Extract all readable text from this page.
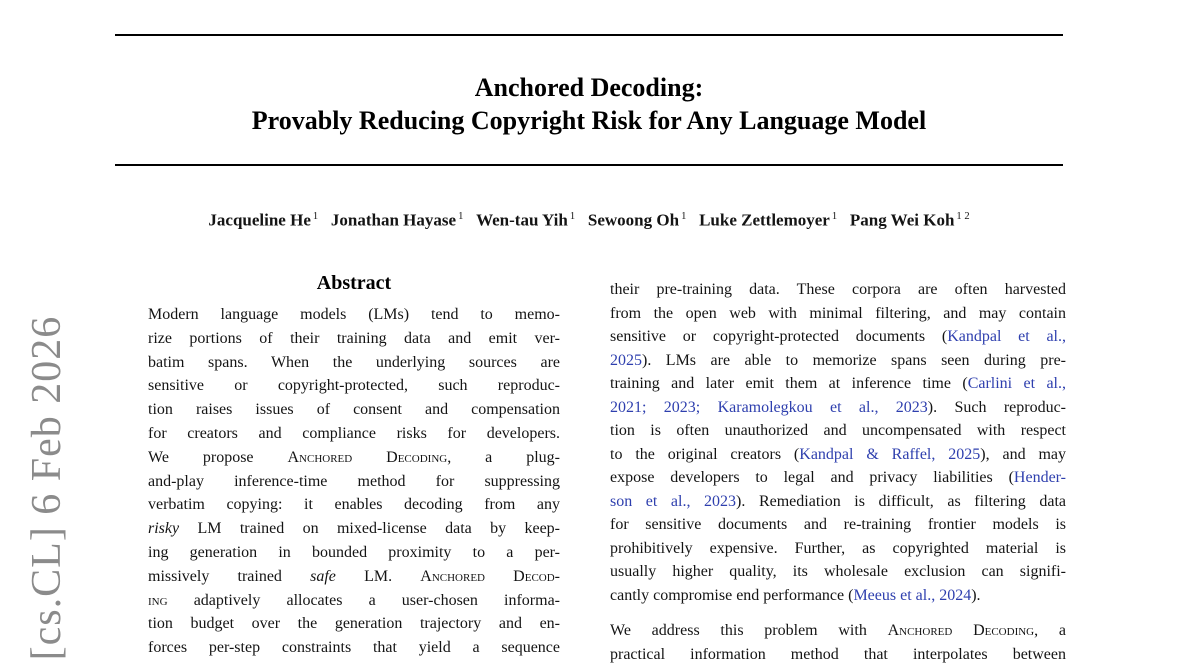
[cs.CL] 6 Feb 2026
Anchored Decoding:
Provably Reducing Copyright Risk for Any Language Model
Jacqueline He $^1$ Jonathan Hayase $^1$ Wen-tau Yih $^1$ Sewoong Oh $^1$ Luke Zettlemoyer $^1$ Pang Wei Koh $^{1 2}$
Abstract
Modern language models (LMs) tend to memo-
rize portions of their training data and emit ver-
batim spans. When the underlying sources are
sensitive or copyright-protected, such reproduc-
tion raises issues of consent and compensation
for creators and compliance risks for developers.
We propose Anchored Decoding, a plug-
and-play inference-time method for suppressing
verbatim copying: it enables decoding from any
risky LM trained on mixed-license data by keep-
ing generation in bounded proximity to a per-
missively trained safe LM. Anchored Decod-
ing adaptively allocates a user-chosen informa-
tion budget over the generation trajectory and en-
forces per-step constraints that yield a sequence
their pre-training data. These corpora are often harvested
from the open web with minimal filtering, and may contain
sensitive or copyright-protected documents (Kandpal et al.,
2025). LMs are able to memorize spans seen during pre-
training and later emit them at inference time (Carlini et al.,
2021; 2023; Karamolegkou et al., 2023). Such reproduc-
tion is often unauthorized and uncompensated with respect
to the original creators (Kandpal & Raffel, 2025), and may
expose developers to legal and privacy liabilities (Hender-
son et al., 2023). Remediation is difficult, as filtering data
for sensitive documents and re-training frontier models is
prohibitively expensive. Further, as copyrighted material is
usually higher quality, its wholesale exclusion can signifi-
cantly compromise end performance (Meeus et al., 2024).
We address this problem with Anchored Decoding, a
practical information method that interpolates between
